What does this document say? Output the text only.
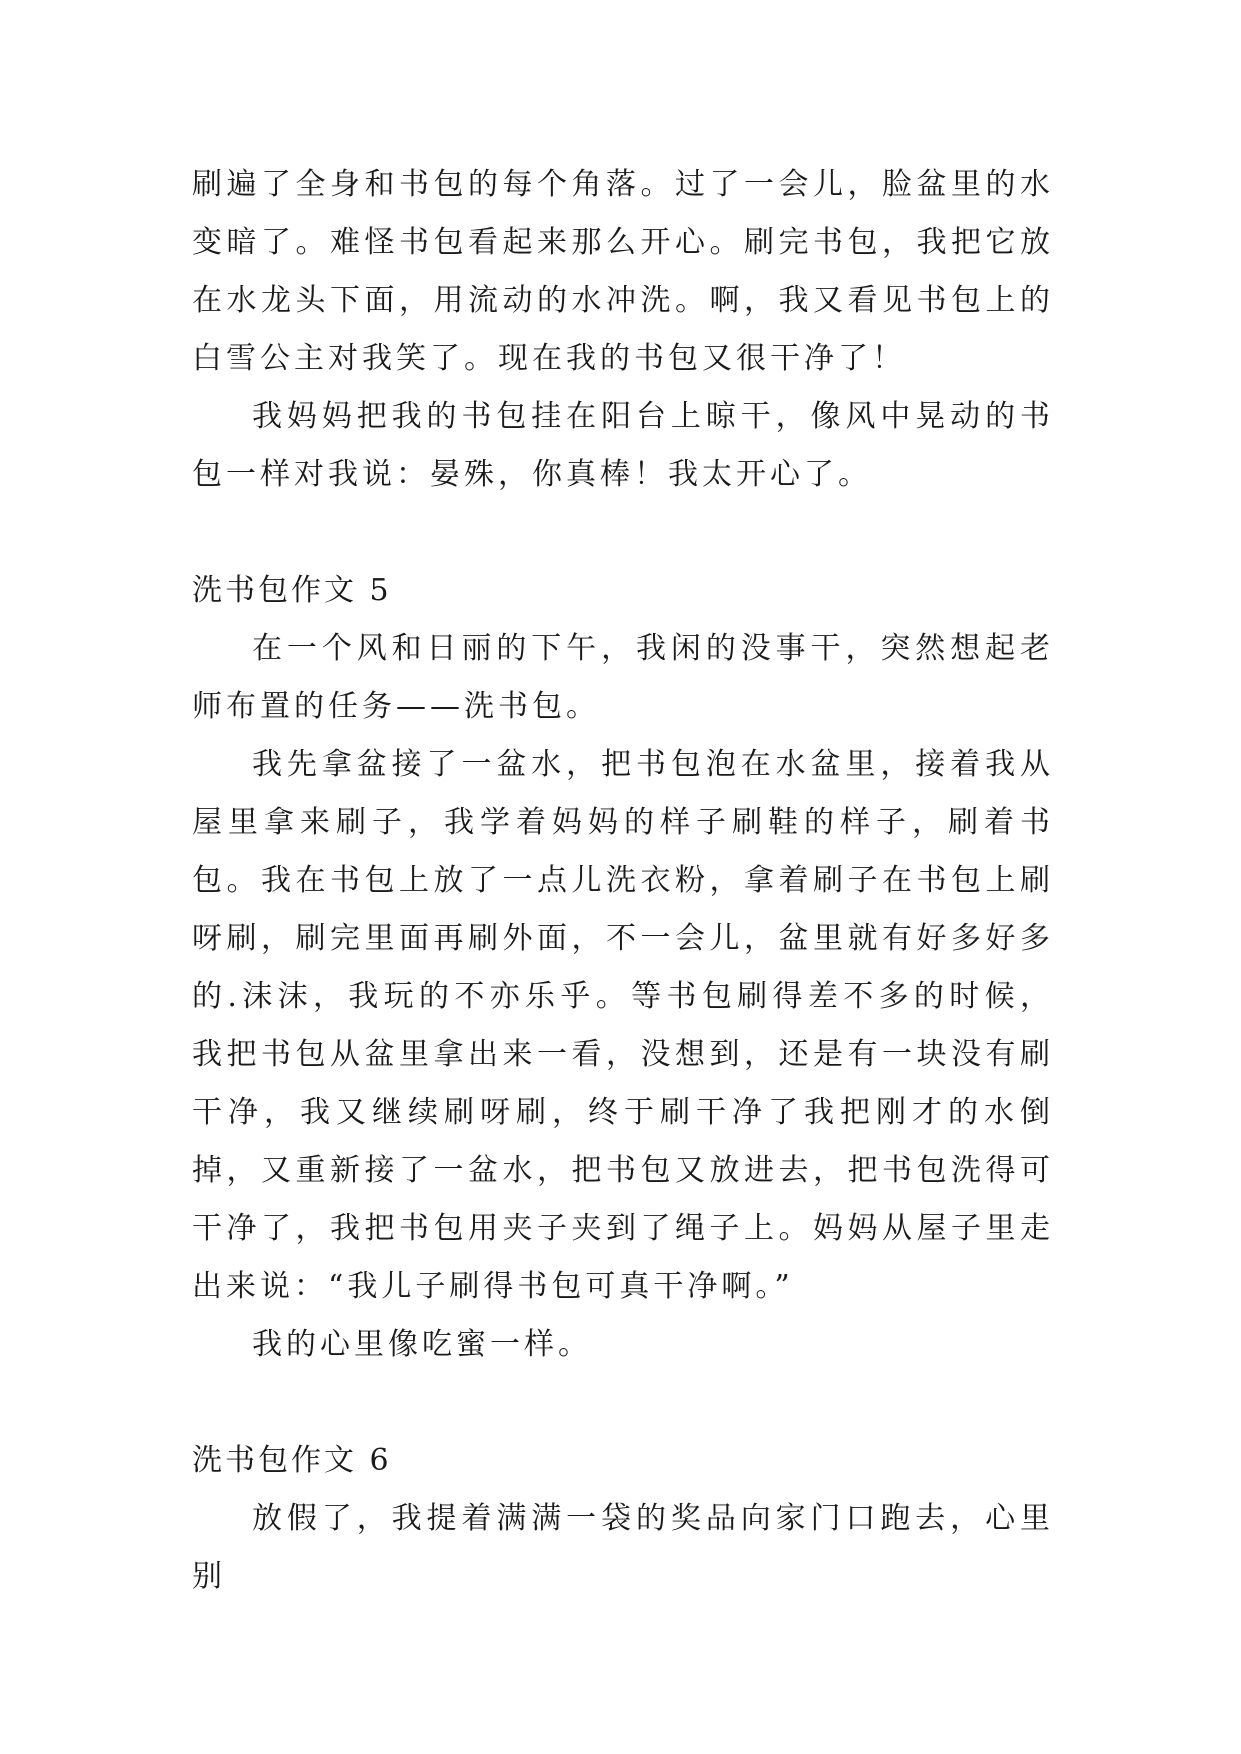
刷遍了全身和书包的每个角落。过了一会儿，脸盆里的水变暗了。难怪书包看起来那么开心。刷完书包，我把它放在水龙头下面，用流动的水冲洗。啊，我又看见书包上的白雪公主对我笑了。现在我的书包又很干净了！

我妈妈把我的书包挂在阳台上晾干，像风中晃动的书包一样对我说：晏殊，你真棒！我太开心了。

洗书包作文 5

在一个风和日丽的下午，我闲的没事干，突然想起老师布置的任务——洗书包。

我先拿盆接了一盆水，把书包泡在水盆里，接着我从屋里拿来刷子，我学着妈妈的样子刷鞋的样子，刷着书包。我在书包上放了一点儿洗衣粉，拿着刷子在书包上刷呀刷，刷完里面再刷外面，不一会儿，盆里就有好多好多的.沫沫，我玩的不亦乐乎。等书包刷得差不多的时候，我把书包从盆里拿出来一看，没想到，还是有一块没有刷干净，我又继续刷呀刷，终于刷干净了我把刚才的水倒掉，又重新接了一盆水，把书包又放进去，把书包洗得可干净了，我把书包用夹子夹到了绳子上。妈妈从屋子里走出来说：“我儿子刷得书包可真干净啊。”

我的心里像吃蜜一样。

洗书包作文 6

放假了，我提着满满一袋的奖品向家门口跑去，心里别
